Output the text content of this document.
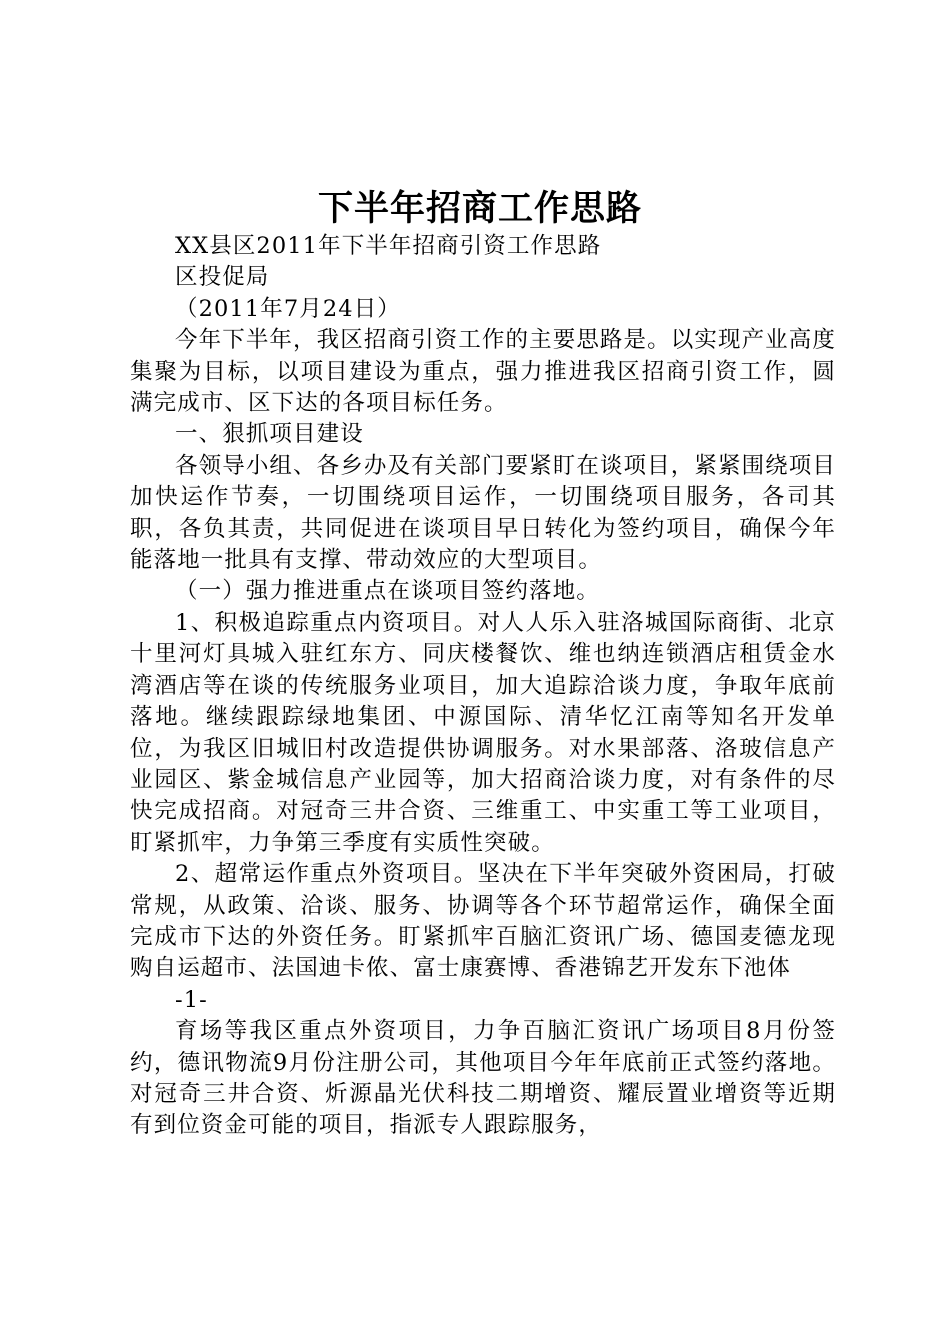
下半年招商工作思路

XX县区2011年下半年招商引资工作思路

区投促局

（2011年7月24日）

今年下半年，我区招商引资工作的主要思路是。以实现产业高度集聚为目标，以项目建设为重点，强力推进我区招商引资工作，圆满完成市、区下达的各项目标任务。

一、狠抓项目建设

各领导小组、各乡办及有关部门要紧盯在谈项目，紧紧围绕项目加快运作节奏，一切围绕项目运作，一切围绕项目服务，各司其职，各负其责，共同促进在谈项目早日转化为签约项目，确保今年能落地一批具有支撑、带动效应的大型项目。

（一）强力推进重点在谈项目签约落地。

1、积极追踪重点内资项目。对人人乐入驻洛城国际商街、北京十里河灯具城入驻红东方、同庆楼餐饮、维也纳连锁酒店租赁金水湾酒店等在谈的传统服务业项目，加大追踪洽谈力度，争取年底前落地。继续跟踪绿地集团、中源国际、清华忆江南等知名开发单位，为我区旧城旧村改造提供协调服务。对水果部落、洛玻信息产业园区、紫金城信息产业园等，加大招商洽谈力度，对有条件的尽快完成招商。对冠奇三井合资、三维重工、中实重工等工业项目，盯紧抓牢，力争第三季度有实质性突破。

2、超常运作重点外资项目。坚决在下半年突破外资困局，打破常规，从政策、洽谈、服务、协调等各个环节超常运作，确保全面完成市下达的外资任务。盯紧抓牢百脑汇资讯广场、德国麦德龙现购自运超市、法国迪卡侬、富士康赛博、香港锦艺开发东下池体

-1-

育场等我区重点外资项目，力争百脑汇资讯广场项目8月份签约，德讯物流9月份注册公司，其他项目今年年底前正式签约落地。对冠奇三井合资、炘源晶光伏科技二期增资、耀辰置业增资等近期有到位资金可能的项目，指派专人跟踪服务，
